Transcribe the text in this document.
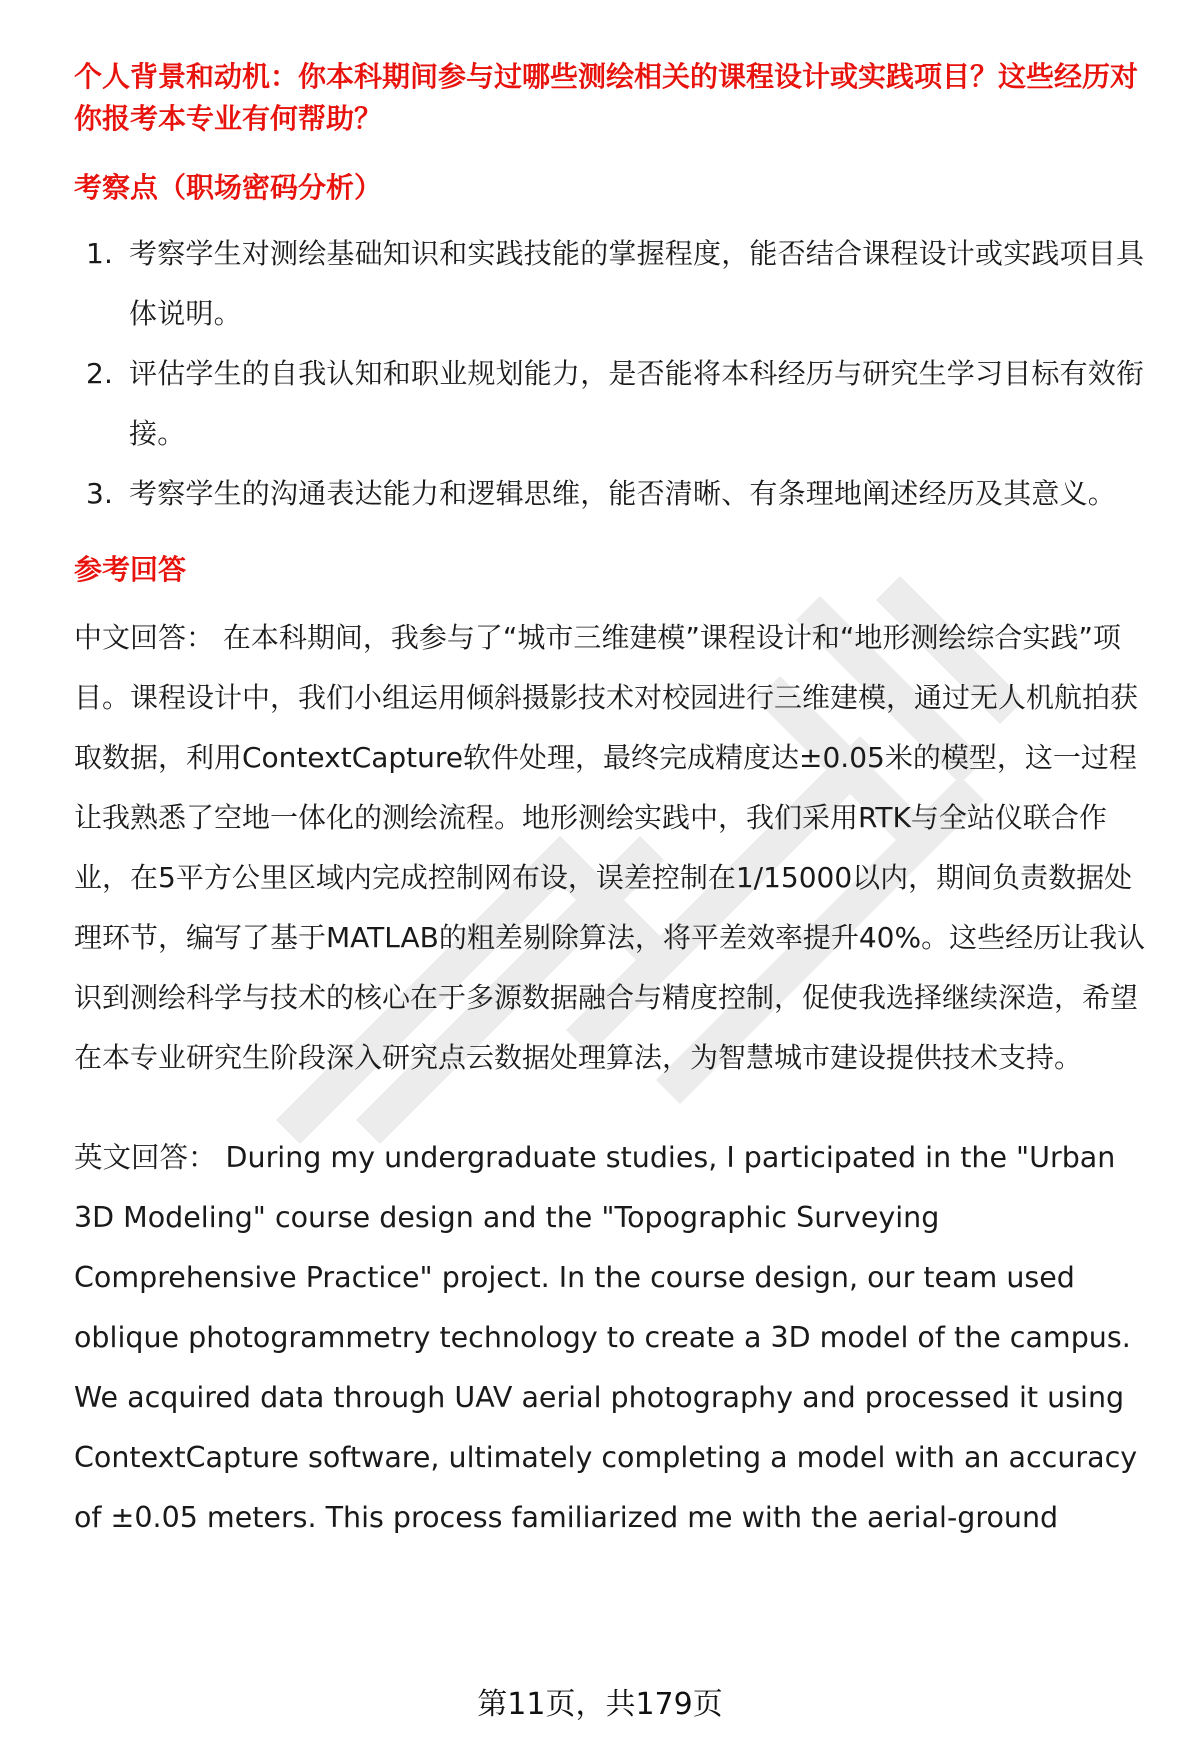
个人背景和动机：你本科期间参与过哪些测绘相关的课程设计或实践项目？这些经历对你报考本专业有何帮助？

考察点（职场密码分析）

1. 考察学生对测绘基础知识和实践技能的掌握程度，能否结合课程设计或实践项目具体说明。
2. 评估学生的自我认知和职业规划能力，是否能将本科经历与研究生学习目标有效衔接。
3. 考察学生的沟通表达能力和逻辑思维，能否清晰、有条理地阐述经历及其意义。

参考回答

中文回答： 在本科期间，我参与了“城市三维建模”课程设计和“地形测绘综合实践”项目。课程设计中，我们小组运用倾斜摄影技术对校园进行三维建模，通过无人机航拍获取数据，利用ContextCapture软件处理，最终完成精度达±0.05米的模型，这一过程让我熟悉了空地一体化的测绘流程。地形测绘实践中，我们采用RTK与全站仪联合作业，在5平方公里区域内完成控制网布设，误差控制在1/15000以内，期间负责数据处理环节，编写了基于MATLAB的粗差剔除算法，将平差效率提升40%。这些经历让我认识到测绘科学与技术的核心在于多源数据融合与精度控制，促使我选择继续深造，希望在本专业研究生阶段深入研究点云数据处理算法，为智慧城市建设提供技术支持。

英文回答： During my undergraduate studies, I participated in the "Urban 3D Modeling" course design and the "Topographic Surveying Comprehensive Practice" project. In the course design, our team used oblique photogrammetry technology to create a 3D model of the campus. We acquired data through UAV aerial photography and processed it using ContextCapture software, ultimately completing a model with an accuracy of ±0.05 meters. This process familiarized me with the aerial-ground

第11页，共179页
